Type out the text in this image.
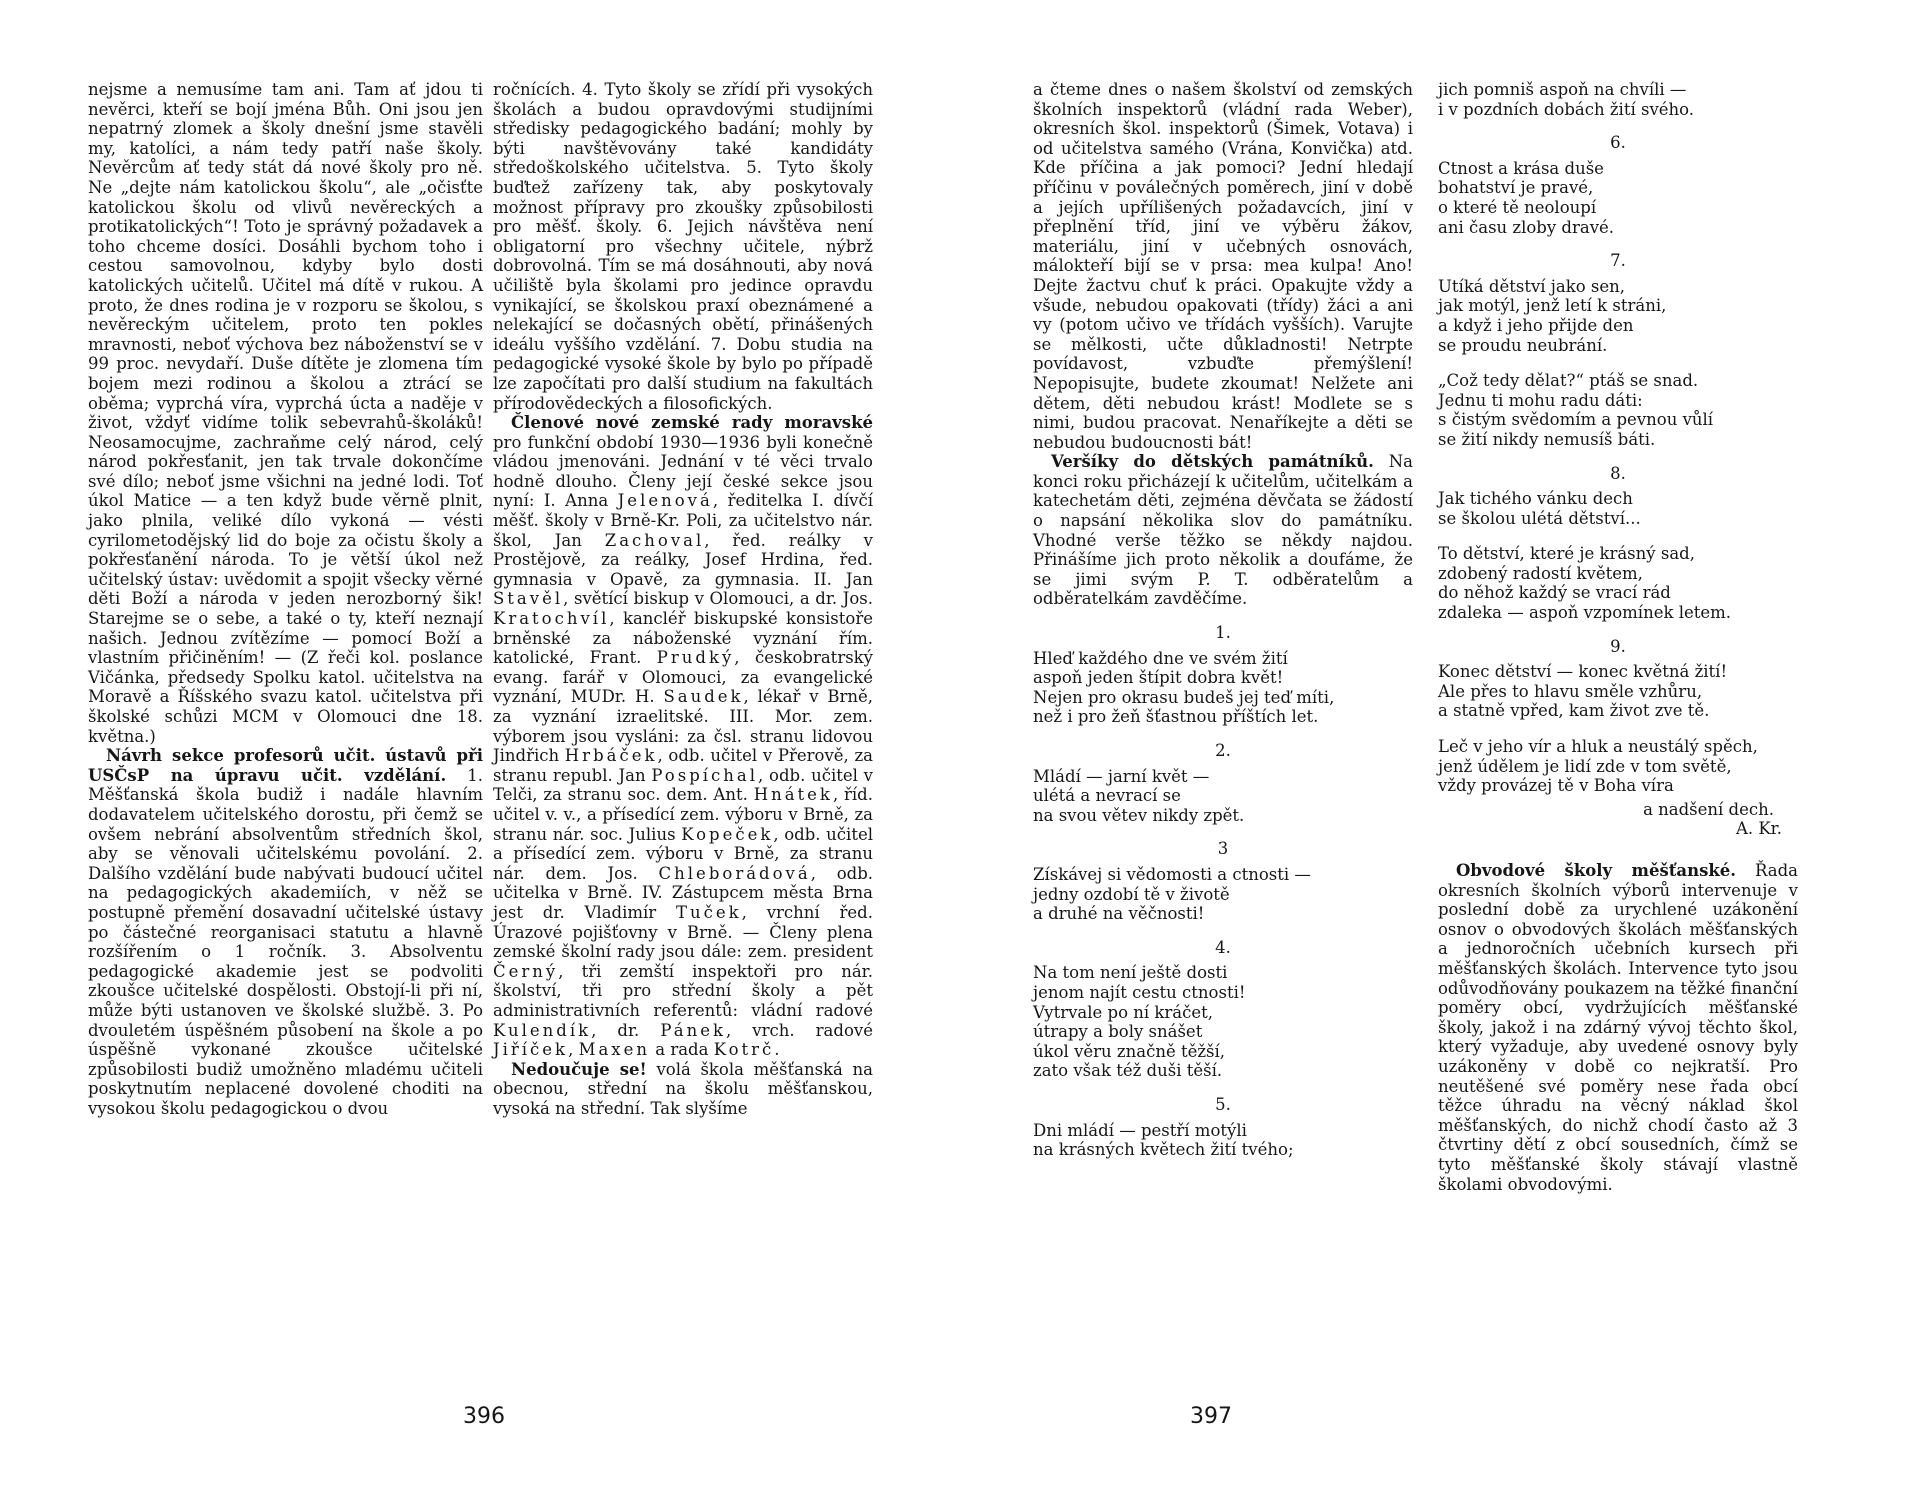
nejsme a nemusíme tam ani. Tam ať jdou ti nevěrci, kteří se bojí jména Bůh. Oni jsou jen nepatrný zlomek a školy dnešní jsme stavěli my, katolíci, a nám tedy patří naše školy. Nevěrcům ať tedy stát dá nové školy pro ně. Ne „dejte nám katolickou školu“, ale „očisťte katolickou školu od vlivů nevěreckých a protikatolických“! Toto je správný požadavek a toho chceme dosíci. Dosáhli bychom toho i cestou samovolnou, kdyby bylo dosti katolických učitelů. Učitel má dítě v rukou. A proto, že dnes rodina je v rozporu se školou, s nevěreckým učitelem, proto ten pokles mravnosti, neboť výchova bez náboženství se v 99 proc. nevydaří. Duše dítěte je zlomena tím bojem mezi rodinou a školou a ztrácí se oběma; vyprchá víra, vyprchá úcta a naděje v život, vždyť vidíme tolik sebevrahů-školáků! Neosamocujme, zachraňme celý národ, celý národ pokřesťanit, jen tak trvale dokončíme své dílo; neboť jsme všichni na jedné lodi. Toť úkol Matice — a ten když bude věrně plnit, jako plnila, veliké dílo vykoná — vésti cyrilometodějský lid do boje za očistu školy a pokřesťanění národa. To je větší úkol než učitelský ústav: uvědomit a spojit všecky věrné děti Boží a národa v jeden nerozborný šik! Starejme se o sebe, a také o ty, kteří neznají našich. Jednou zvítězíme — pomocí Boží a vlastním přičiněním! — (Z řeči kol. poslance Vičánka, předsedy Spolku katol. učitelstva na Moravě a Říšského svazu katol. učitelstva při školské schůzi MCM v Olomouci dne 18. května.)

Návrh sekce profesorů učit. ústavů při USČsP na úpravu učit. vzdělání. 1. Měšťanská škola budiž i nadále hlavním dodavatelem učitelského dorostu, při čemž se ovšem nebrání absolventům středních škol, aby se věnovali učitelskému povolání. 2. Dalšího vzdělání bude nabývati budoucí učitel na pedagogických akademiích, v něž se postupně přemění dosavadní učitelské ústavy po částečné reorganisaci statutu a hlavně rozšířením o 1 ročník. 3. Absolventu pedagogické akademie jest se podvoliti zkoušce učitelské dospělosti. Obstojí-li při ní, může býti ustanoven ve školské službě. 3. Po dvouletém úspěšném působení na škole a po úspěšně vykonané zkoušce učitelské způsobilosti budiž umožněno mladému učiteli poskytnutím neplacené dovolené choditi na vysokou školu pedagogickou o dvou

ročnících. 4. Tyto školy se zřídí při vysokých školách a budou opravdovými studijními středisky pedagogického badání; mohly by býti navštěvovány také kandidáty středoškolského učitelstva. 5. Tyto školy buďtež zařízeny tak, aby poskytovaly možnost přípravy pro zkoušky způsobilosti pro měšť. školy. 6. Jejich návštěva není obligatorní pro všechny učitele, nýbrž dobrovolná. Tím se má dosáhnouti, aby nová učiliště byla školami pro jedince opravdu vynikající, se školskou praxí obeznámené a nelekající se dočasných obětí, přinášených ideálu vyššího vzdělání. 7. Dobu studia na pedagogické vysoké škole by bylo po případě lze započítati pro další studium na fakultách přírodovědeckých a filosofických.

Členové nové zemské rady moravské pro funkční období 1930—1936 byli konečně vládou jmenováni. Jednání v té věci trvalo hodně dlouho. Členy její české sekce jsou nyní: I. Anna Jelenová, ředitelka I. dívčí měšť. školy v Brně-Kr. Poli, za učitelstvo nár. škol, Jan Zachoval, řed. reálky v Prostějově, za reálky, Josef Hrdina, řed. gymnasia v Opavě, za gymnasia. II. Jan Stavěl, světící biskup v Olomouci, a dr. Jos. Kratochvíl, kancléř biskupské konsistoře brněnské za náboženské vyznání řím. katolické, Frant. Prudký, českobratrský evang. farář v Olomouci, za evangelické vyznání, MUDr. H. Saudek, lékař v Brně, za vyznání izraelitské. III. Mor. zem. výborem jsou vysláni: za čsl. stranu lidovou Jindřich Hrbáček, odb. učitel v Přerově, za stranu republ. Jan Pospíchal, odb. učitel v Telči, za stranu soc. dem. Ant. Hnátek, říd. učitel v. v., a přísedící zem. výboru v Brně, za stranu nár. soc. Julius Kopeček, odb. učitel a přísedící zem. výboru v Brně, za stranu nár. dem. Jos. Chleborádová, odb. učitelka v Brně. IV. Zástupcem města Brna jest dr. Vladimír Tuček, vrchní řed. Úrazové pojišťovny v Brně. — Členy plena zemské školní rady jsou dále: zem. president Černý, tři zemští inspektoři pro nár. školství, tři pro střední školy a pět administrativních referentů: vládní radové Kulendík, dr. Pánek, vrch. radové Jiříček, Maxen a rada Kotrč.

Nedoučuje se! volá škola měšťanská na obecnou, střední na školu měšťanskou, vysoká na střední. Tak slyšíme

396

a čteme dnes o našem školství od zemských školních inspektorů (vládní rada Weber), okresních škol. inspektorů (Šimek, Votava) i od učitelstva samého (Vrána, Konvička) atd. Kde příčina a jak pomoci? Jední hledají příčinu v poválečných poměrech, jiní v době a jejích upřílišených požadavcích, jiní v přeplnění tříd, jiní ve výběru žákov, materiálu, jiní v učebných osnovách, málokteří bijí se v prsa: mea kulpa! Ano! Dejte žactvu chuť k práci. Opakujte vždy a všude, nebudou opakovati (třídy) žáci a ani vy (potom učivo ve třídách vyšších). Varujte se mělkosti, učte důkladnosti! Netrpte povídavost, vzbuďte přemýšlení! Nepopisujte, budete zkoumat! Nelžete ani dětem, děti nebudou krást! Modlete se s nimi, budou pracovat. Nenaříkejte a děti se nebudou budoucnosti bát!

Veršíky do dětských památníků. Na konci roku přicházejí k učitelům, učitelkám a katechetám děti, zejména děvčata se žádostí o napsání několika slov do památníku. Vhodné verše těžko se někdy najdou. Přinášíme jich proto několik a doufáme, že se jimi svým P. T. odběratelům a odběratelkám zavděčíme.

1.
Hleď každého dne ve svém žití
aspoň jeden štípit dobra květ!
Nejen pro okrasu budeš jej teď míti,
než i pro žeň šťastnou příštích let.
2.
Mládí — jarní květ —
ulétá a nevrací se
na svou větev nikdy zpět.
3
Získávej si vědomosti a ctnosti —
jedny ozdobí tě v životě
a druhé na věčnosti!
4.
Na tom není ještě dosti
jenom najít cestu ctnosti!
Vytrvale po ní kráčet,
útrapy a boly snášet
úkol věru značně těžší,
zato však též duši těší.
5.
Dni mládí — pestří motýli
na krásných květech žití tvého;
jich pomniš aspoň na chvíli —
i v pozdních dobách žití svého.
6.
Ctnost a krása duše
bohatství je pravé,
o které tě neoloupí
ani času zloby dravé.
7.
Utíká dětství jako sen,
jak motýl, jenž letí k stráni,
a když i jeho přijde den
se proudu neubrání.
„Což tedy dělat?“ ptáš se snad.
Jednu ti mohu radu dáti:
s čistým svědomím a pevnou vůlí
se žití nikdy nemusíš báti.
8.
Jak tichého vánku dech
se školou ulétá dětství...
To dětství, které je krásný sad,
zdobený radostí květem,
do něhož každý se vrací rád
zdaleka — aspoň vzpomínek letem.
9.
Konec dětství — konec květná žití!
Ale přes to hlavu směle vzhůru,
a statně vpřed, kam život zve tě.
Leč v jeho vír a hluk a neustálý spěch,
jenž údělem je lidí zde v tom světě,
vždy provázej tě v Boha víra
a nadšení dech.
A. Kr.

Obvodové školy měšťanské. Řada okresních školních výborů intervenuje v poslední době za urychlené uzákonění osnov o obvodových školách měšťanských a jednoročních učebních kursech při měšťanských školách. Intervence tyto jsou odůvodňovány poukazem na těžké finanční poměry obcí, vydržujících měšťanské školy, jakož i na zdárný vývoj těchto škol, který vyžaduje, aby uvedené osnovy byly uzákoněny v době co nejkratší. Pro neutěšené své poměry nese řada obcí těžce úhradu na věcný náklad škol měšťanských, do nichž chodí často až 3 čtvrtiny dětí z obcí sousedních, čímž se tyto měšťanské školy stávají vlastně školami obvodovými.

397
